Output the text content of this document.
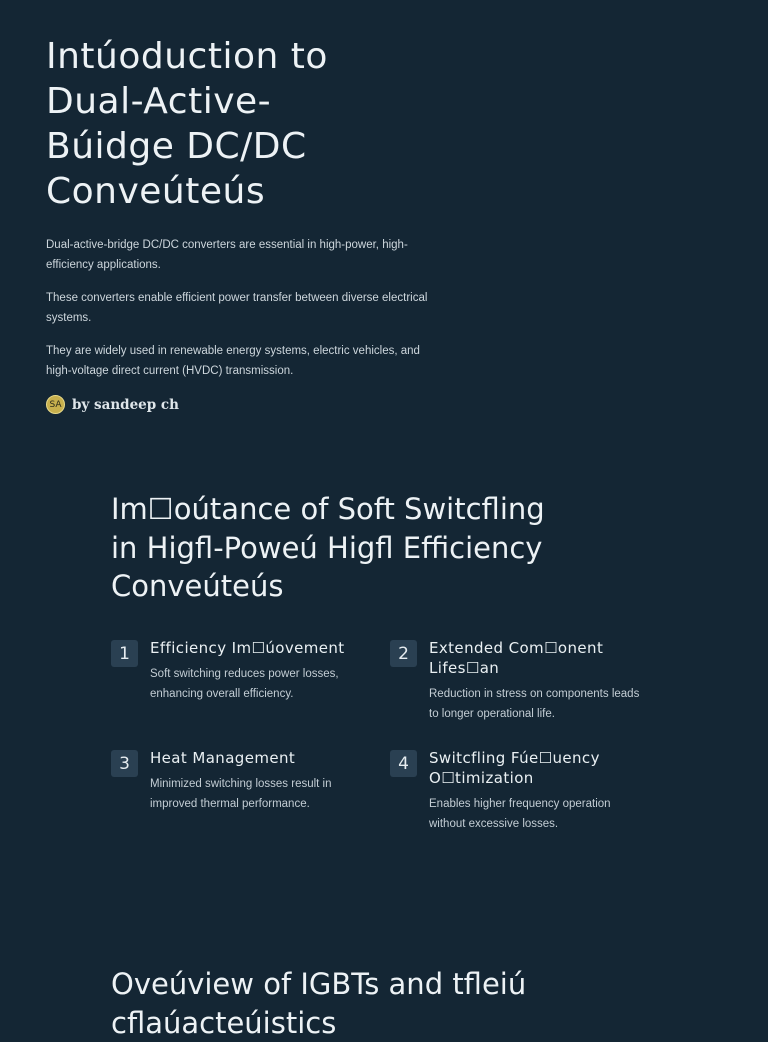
Intúoduction to
Dual-Active-
Búidge DC/DC
Conveúteús

Dual-active-bridge DC/DC converters are essential in high-power, high-efficiency applications.

These converters enable efficient power transfer between diverse electrical systems.

They are widely used in renewable energy systems, electric vehicles, and high-voltage direct current (HVDC) transmission.

SA by sandeep ch
Im☐oútance of Soft Switcfling
in Higfl-Poweú Higfl Efficiency
Conveúteús
1	Efficiency Im☐úovement
Soft switching reduces power losses, enhancing overall efficiency.
2	Extended Com☐onent Lifes☐an
Reduction in stress on components leads to longer operational life.
3	Heat Management
Minimized switching losses result in improved thermal performance.
4	Switcfling Fúe☐uency O☐timization
Enables higher frequency operation without excessive losses.
Oveúview of IGBTs and tfleiú
cflaúacteúistics
